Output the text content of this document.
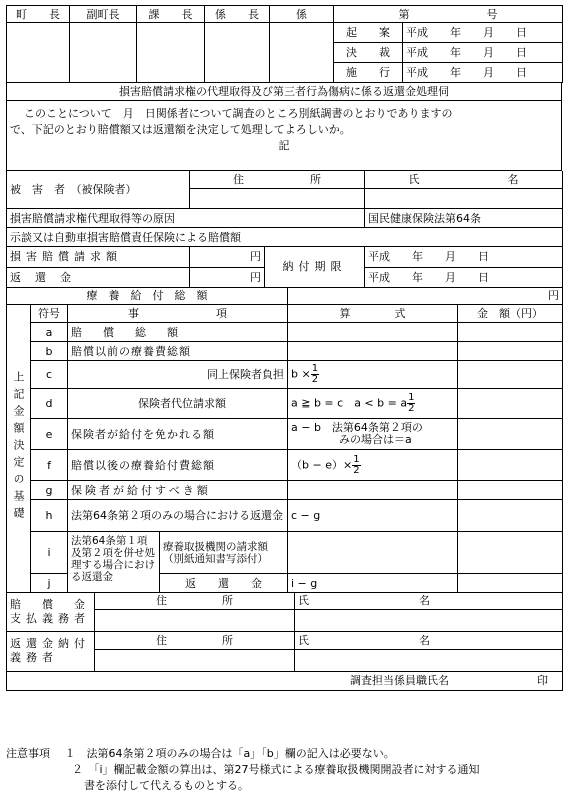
町　　長	副町長	課　　長	係　　長	係	第　　　　　　　号	
					起　　案	平成　　年　　月　　日
					決　　裁	平成　　年　　月　　日
					施　　行	平成　　年　　月　　日
損害賠償請求権の代理取得及び第三者行為傷病に係る返還金処理伺

このことについて　月　日関係者について調査のところ別紙調書のとおりでありますの
で、下記のとおり賠償額又は返還額を決定して処理してよろしいか。
記
被　害　者　（被保険者）	住　　　　　　所	氏　　　　　　　　名

損害賠償請求権代理取得等の原因		国民健康保険法第64条
示談又は自動車損害賠償責任保険による賠償額		
損害賠償請求額	円	納付期限	平成　　年　　月　　日
返還金	円		平成　　年　　月　　日
療　養　給　付　総　額				円	
上記金額決定の基礎	符号	事　　　　　　　項		算　　　　式	金　額（円）
	a	賠　償　総　額			
	b	賠償以前の療養費総額			
	c	同上保険者負担		$b \times \frac{1}{2}$

	d	保険者代位請求額		a ≧ b = c　a < b = a $\frac{1}{2}$

	e	保険者が給付を免かれる額		a − b　法第64条第２項の
みの場合は＝a	

	f	賠償以後の療養給付費総額		$(b - e)\times \frac{1}{2}$

	g	保険者が給付すべき額			
	h	法第64条第２項のみの場合における返還金		c − g	
	i	法第64条第１項及第２項を併せ処理する場合における返還金	療養取扱機関の請求額（別紙通知書写添付）		
	j		返　　還　　金	i − g	
賠　償　金支払義務者	住　　　　　所	氏　　　　　　　　　　名

返還金納付義務者	住　　　　　所	氏　　　　　　　　　　名

調査担当係員職氏名　　　　　　　　印		
注意事項　 １　法第64条第２項のみの場合は「a」「b」欄の記入は必要ない。
２　「i」欄記載金額の算出は、第27号様式による療養取扱機関開設者に対する通知
書を添付して代えるものとする。
